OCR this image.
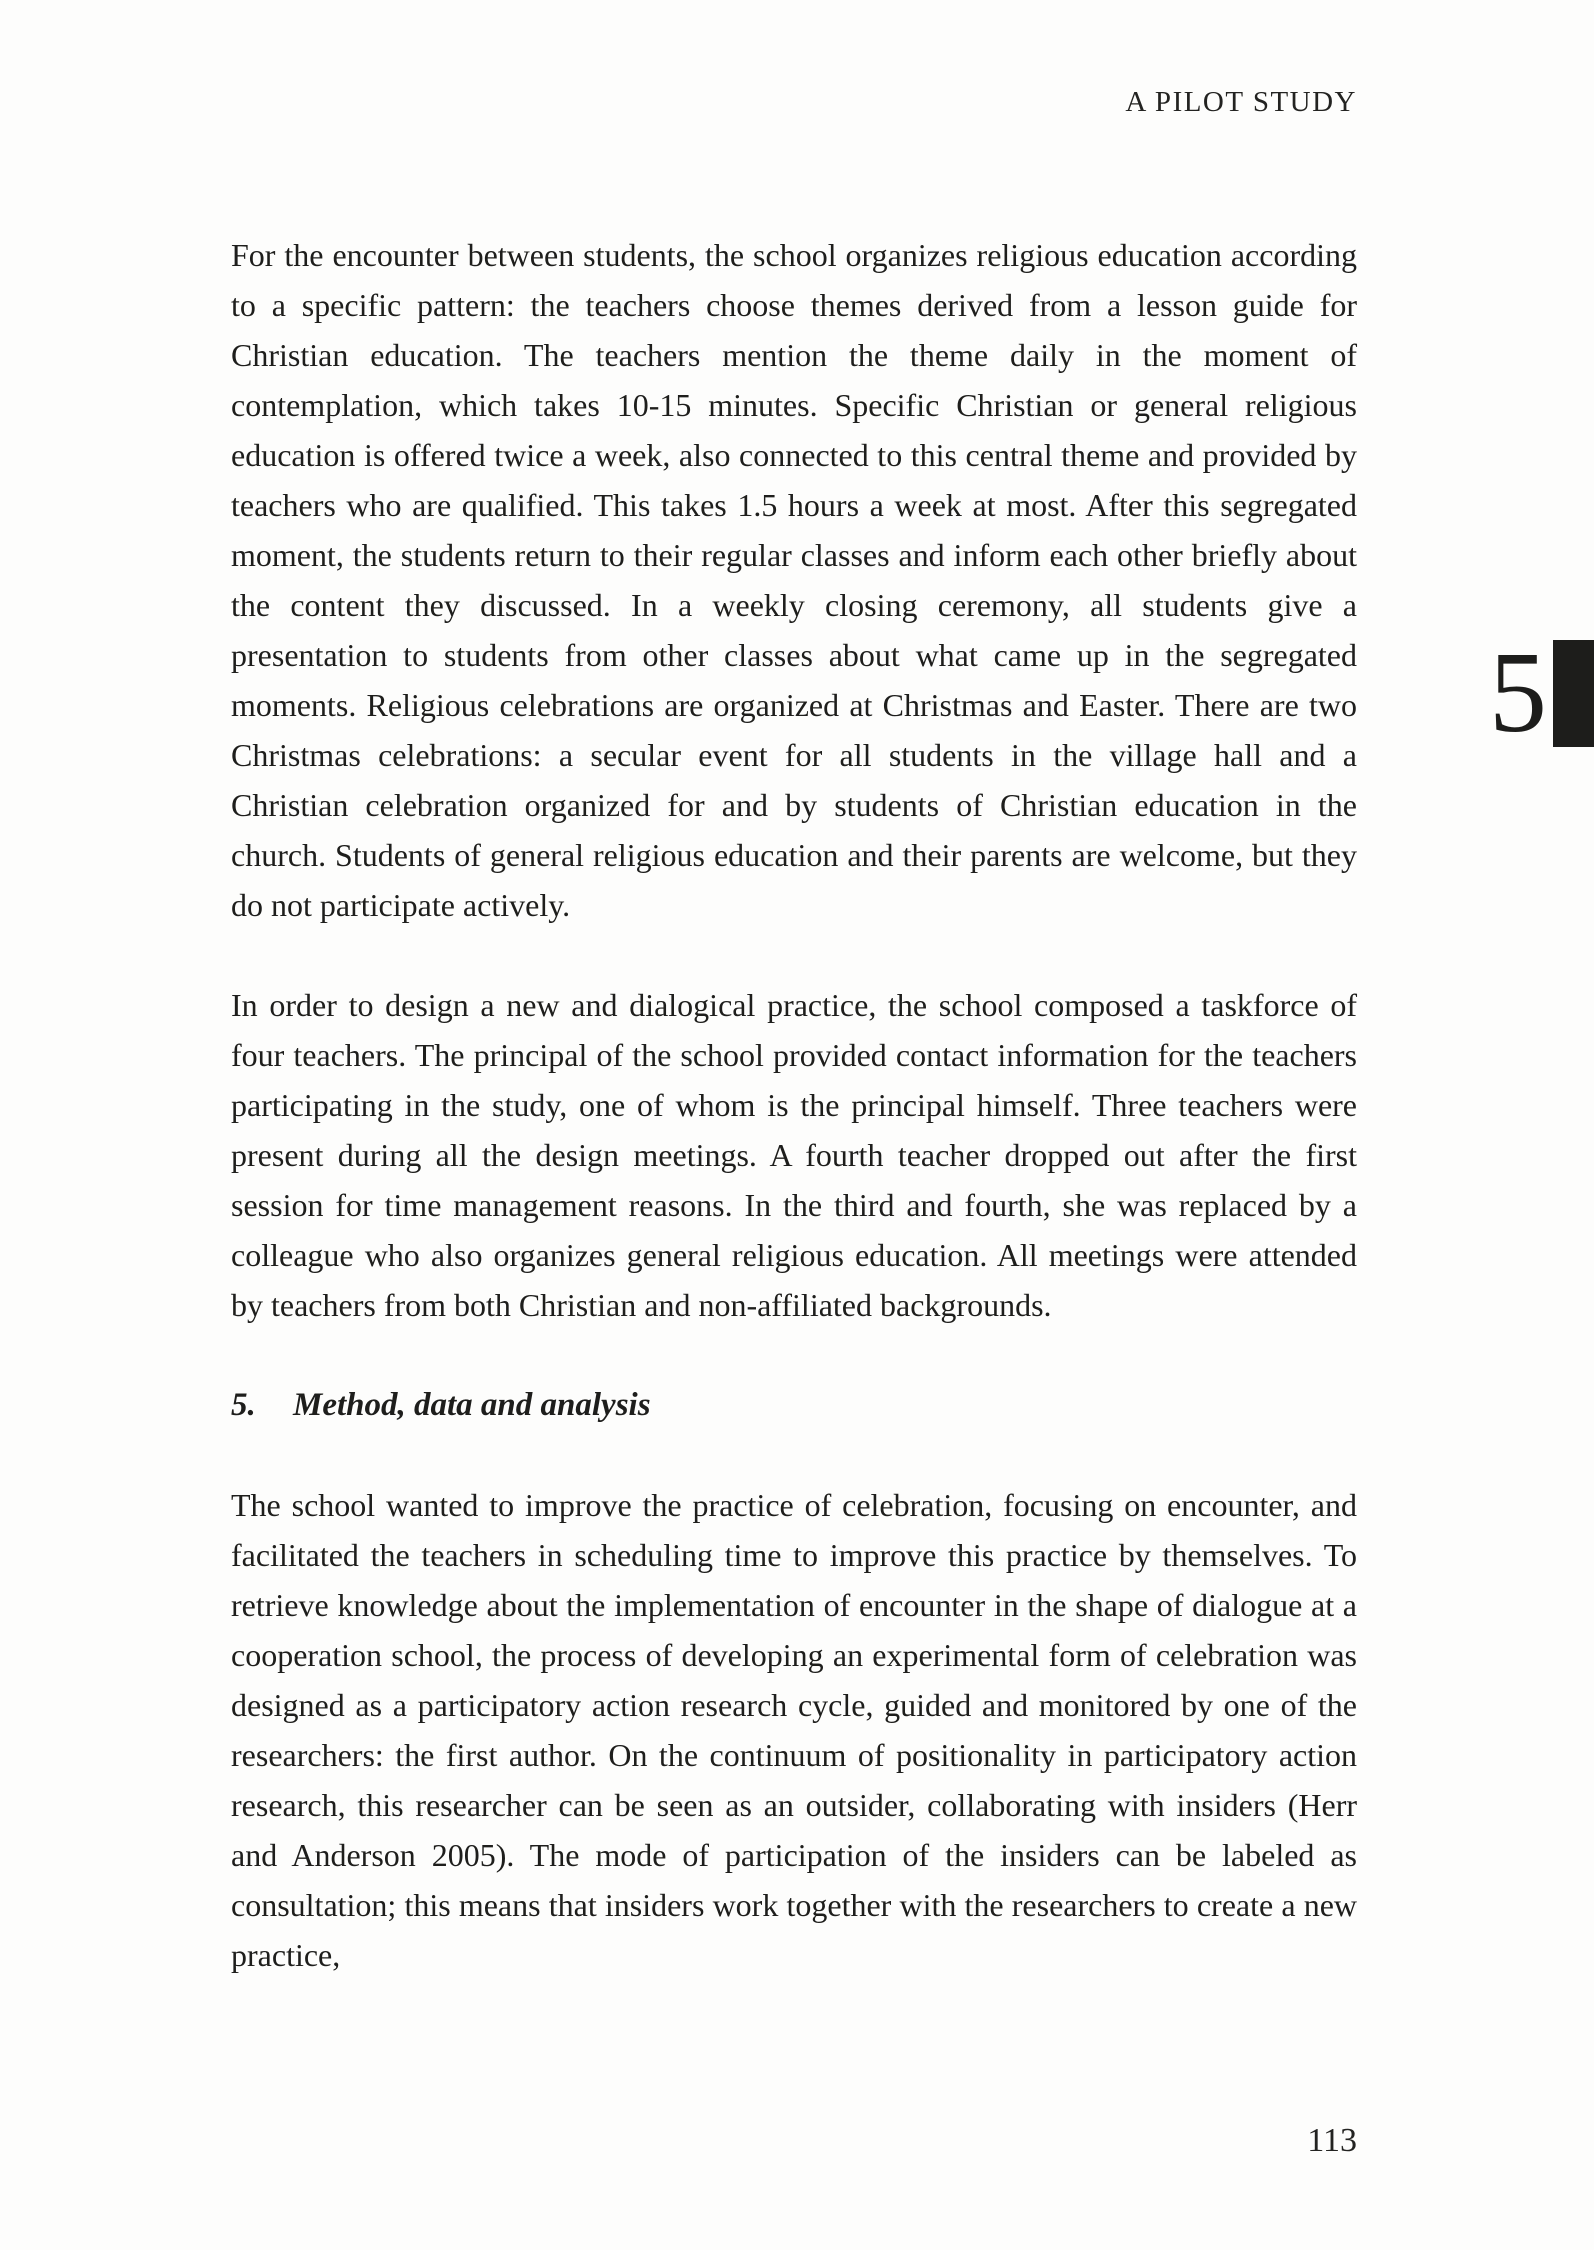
A PILOT STUDY
5

For the encounter between students, the school organizes religious education according to a specific pattern: the teachers choose themes derived from a lesson guide for Christian education. The teachers mention the theme daily in the moment of contemplation, which takes 10-15 minutes. Specific Christian or general religious education is offered twice a week, also connected to this central theme and provided by teachers who are qualified. This takes 1.5 hours a week at most. After this segregated moment, the students return to their regular classes and inform each other briefly about the content they discussed. In a weekly closing ceremony, all students give a presentation to students from other classes about what came up in the segregated moments. Religious celebrations are organized at Christmas and Easter. There are two Christmas celebrations: a secular event for all students in the village hall and a Christian celebration organized for and by students of Christian education in the church. Students of general religious education and their parents are welcome, but they do not participate actively.

In order to design a new and dialogical practice, the school composed a taskforce of four teachers. The principal of the school provided contact information for the teachers participating in the study, one of whom is the principal himself. Three teachers were present during all the design meetings. A fourth teacher dropped out after the first session for time management reasons. In the third and fourth, she was replaced by a colleague who also organizes general religious education. All meetings were attended by teachers from both Christian and non-affiliated backgrounds.

5. Method, data and analysis

The school wanted to improve the practice of celebration, focusing on encounter, and facilitated the teachers in scheduling time to improve this practice by themselves. To retrieve knowledge about the implementation of encounter in the shape of dialogue at a cooperation school, the process of developing an experimental form of celebration was designed as a participatory action research cycle, guided and monitored by one of the researchers: the first author. On the continuum of positionality in participatory action research, this researcher can be seen as an outsider, collaborating with insiders (Herr and Anderson 2005). The mode of participation of the insiders can be labeled as consultation; this means that insiders work together with the researchers to create a new practice,

113
